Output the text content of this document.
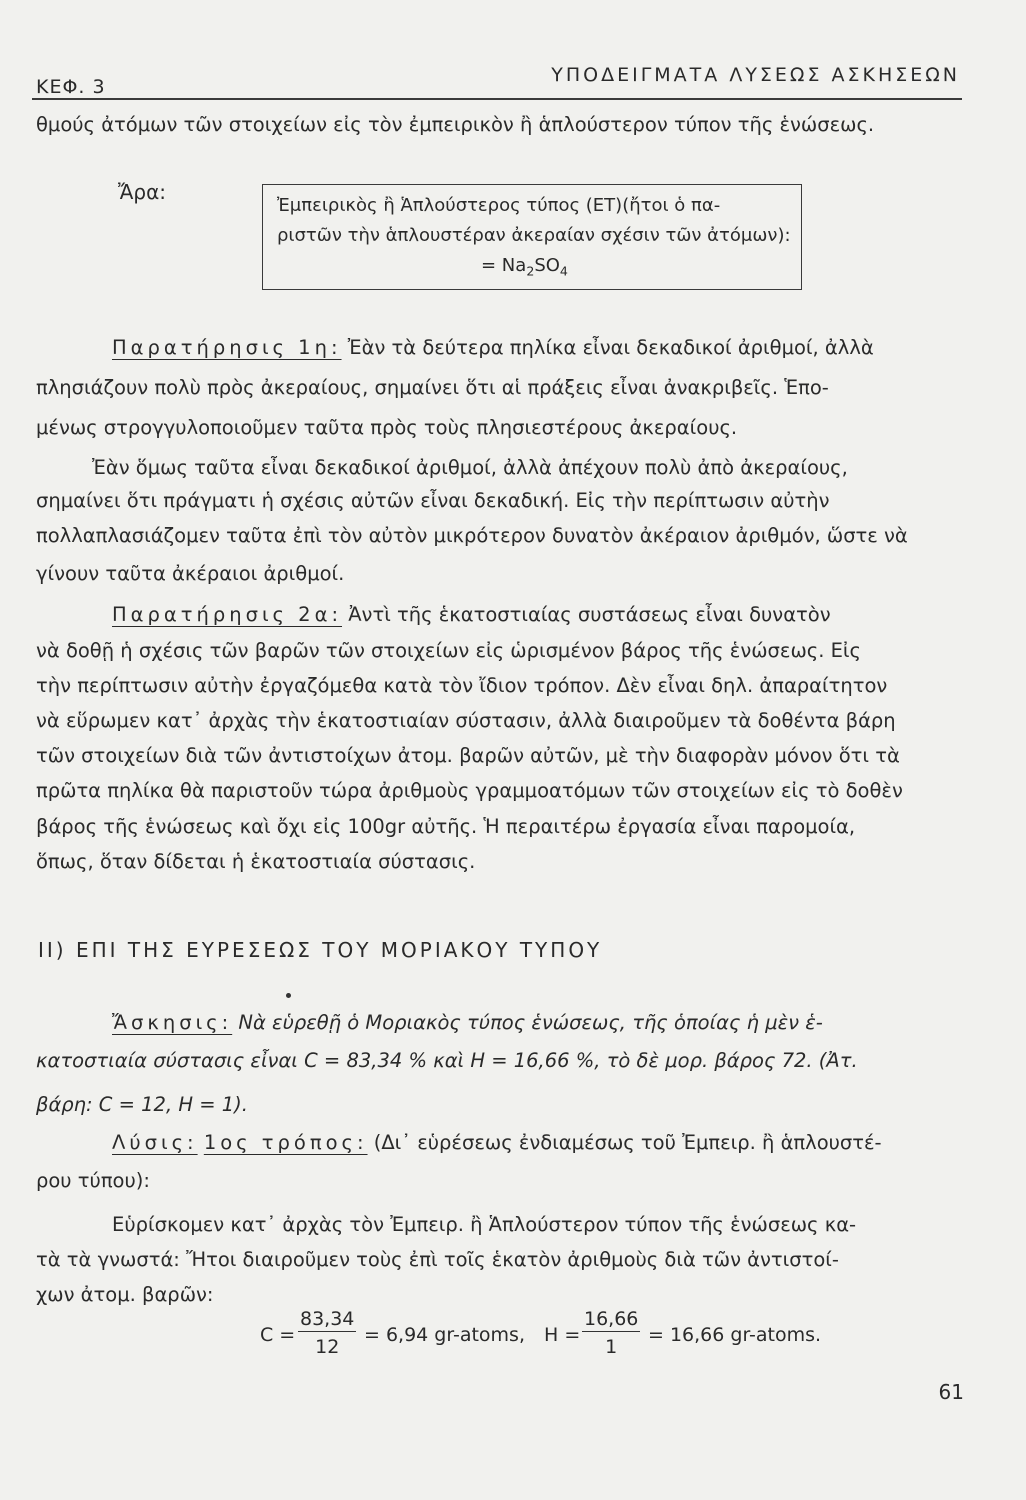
ΚΕΦ. 3
ΥΠΟΔΕΙΓΜΑΤΑ ΛΥΣΕΩΣ ΑΣΚΗΣΕΩΝ
θμούς ἀτόμων τῶν στοιχείων εἰς τὸν ἐμπειρικὸν ἢ ἁπλούστερον τύπον τῆς ἑνώσεως.
Ἄρα:
Ἐμπειρικὸς ἢ Ἁπλούστερος τύπος (ΕΤ)(ἤτοι ὁ πα-
ριστῶν τὴν ἁπλουστέραν ἀκεραίαν σχέσιν τῶν ἀτόμων):
= $Na_2SO_4$
Παρατήρησις 1η: Ἐὰν τὰ δεύτερα πηλίκα εἶναι δεκαδικοί ἀριθμοί, ἀλλὰ
πλησιάζουν πολὺ πρὸς ἀκεραίους, σημαίνει ὅτι αἱ πράξεις εἶναι ἀνακριβεῖς. Ἑπο-
μένως στρογγυλοποιοῦμεν ταῦτα πρὸς τοὺς πλησιεστέρους ἀκεραίους.
Ἐὰν ὅμως ταῦτα εἶναι δεκαδικοί ἀριθμοί, ἀλλὰ ἀπέχουν πολὺ ἀπὸ ἀκεραίους,
σημαίνει ὅτι πράγματι ἡ σχέσις αὐτῶν εἶναι δεκαδική. Εἰς τὴν περίπτωσιν αὐτὴν
πολλαπλασιάζομεν ταῦτα ἐπὶ τὸν αὐτὸν μικρότερον δυνατὸν ἀκέραιον ἀριθμόν, ὥστε νὰ
γίνουν ταῦτα ἀκέραιοι ἀριθμοί.
Παρατήρησις 2α: Ἀντὶ τῆς ἑκατοστιαίας συστάσεως εἶναι δυνατὸν
νὰ δοθῇ ἡ σχέσις τῶν βαρῶν τῶν στοιχείων εἰς ὡρισμένον βάρος τῆς ἑνώσεως. Εἰς
τὴν περίπτωσιν αὐτὴν ἐργαζόμεθα κατὰ τὸν ἴδιον τρόπον. Δὲν εἶναι δηλ. ἀπαραίτητον
νὰ εὕρωμεν κατ᾽ ἀρχὰς τὴν ἑκατοστιαίαν σύστασιν, ἀλλὰ διαιροῦμεν τὰ δοθέντα βάρη
τῶν στοιχείων διὰ τῶν ἀντιστοίχων ἀτομ. βαρῶν αὐτῶν, μὲ τὴν διαφορὰν μόνον ὅτι τὰ
πρῶτα πηλίκα θὰ παριστοῦν τώρα ἀριθμοὺς γραμμοατόμων τῶν στοιχείων εἰς τὸ δοθὲν
βάρος τῆς ἑνώσεως καὶ ὄχι εἰς 100gr αὐτῆς. Ἡ περαιτέρω ἐργασία εἶναι παρομοία,
ὅπως, ὅταν δίδεται ἡ ἑκατοστιαία σύστασις.
II) ΕΠΙ ΤΗΣ ΕΥΡΕΣΕΩΣ ΤΟΥ ΜΟΡΙΑΚΟΥ ΤΥΠΟΥ
Ἄσκησις: Νὰ εὑρεθῇ ὁ Μοριακὸς τύπος ἑνώσεως, τῆς ὁποίας ἡ μὲν ἑ-
κατοστιαία σύστασις εἶναι C = 83,34 % καὶ H = 16,66 %, τὸ δὲ μορ. βάρος 72. (Ἀτ.
βάρη: C = 12, H = 1).
Λύσις: 1ος τρόπος: (Δι᾽ εὑρέσεως ἐνδιαμέσως τοῦ Ἐμπειρ. ἢ ἁπλουστέ-
ρου τύπου):
Εὑρίσκομεν κατ᾽ ἀρχὰς τὸν Ἐμπειρ. ἢ Ἁπλούστερον τύπον τῆς ἑνώσεως κα-
τὰ τὰ γνωστά: Ἤτοι διαιροῦμεν τοὺς ἐπὶ τοῖς ἑκατὸν ἀριθμοὺς διὰ τῶν ἀντιστοί-
χων ἀτομ. βαρῶν:
$C = \frac{83,34}{12} = 6,94$ gr-atoms, $H = \frac{16,66}{1} = 16,66$ gr-atoms.
61
